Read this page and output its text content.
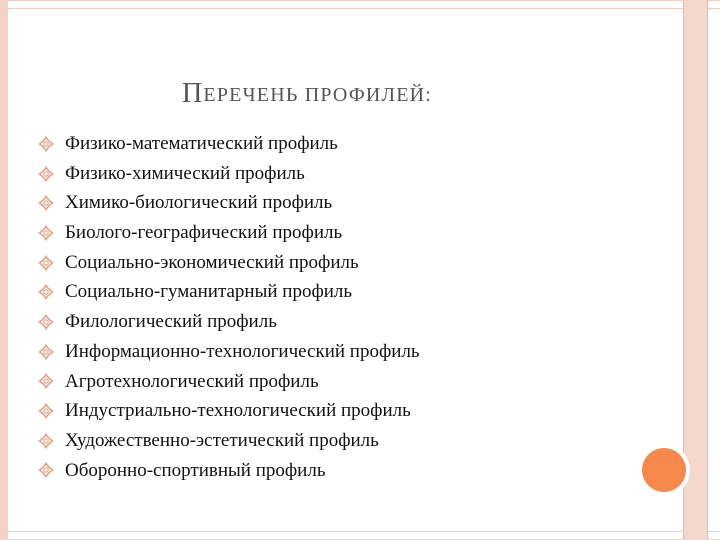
ПЕРЕЧЕНЬ ПРОФИЛЕЙ:
Физико-математический профиль
Физико-химический профиль
Химико-биологический профиль
Биолого-географический профиль
Социально-экономический профиль
Социально-гуманитарный профиль
Филологический профиль
Информационно-технологический профиль
Агротехнологический профиль
Индустриально-технологический профиль
Художественно-эстетический профиль
Оборонно-спортивный профиль
